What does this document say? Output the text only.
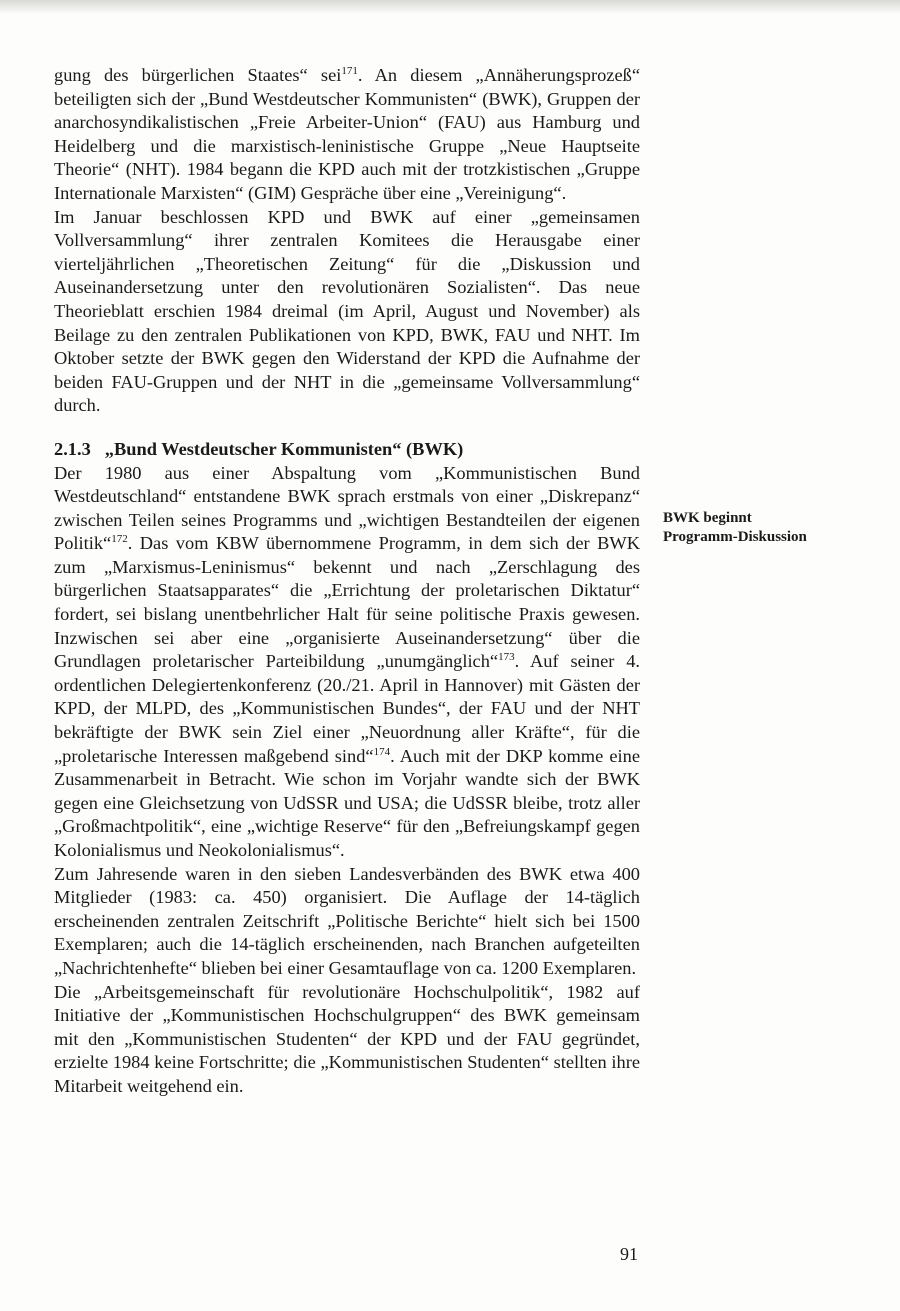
gung des bürgerlichen Staates“ sei$^{171}$. An diesem „Annäherungsprozeß“ beteiligten sich der „Bund Westdeutscher Kommunisten“ (BWK), Gruppen der anarchosyndikalistischen „Freie Arbeiter-Union“ (FAU) aus Hamburg und Heidelberg und die marxistisch-leninistische Gruppe „Neue Hauptseite Theorie“ (NHT). 1984 begann die KPD auch mit der trotzkistischen „Gruppe Internationale Marxisten“ (GIM) Gespräche über eine „Vereinigung“.

Im Januar beschlossen KPD und BWK auf einer „gemeinsamen Vollversammlung“ ihrer zentralen Komitees die Herausgabe einer vierteljährlichen „Theoretischen Zeitung“ für die „Diskussion und Auseinandersetzung unter den revolutionären Sozialisten“. Das neue Theorieblatt erschien 1984 dreimal (im April, August und November) als Beilage zu den zentralen Publikationen von KPD, BWK, FAU und NHT. Im Oktober setzte der BWK gegen den Widerstand der KPD die Aufnahme der beiden FAU-Gruppen und der NHT in die „gemeinsame Vollversammlung“ durch.

2.1.3 „Bund Westdeutscher Kommunisten“ (BWK)

Der 1980 aus einer Abspaltung vom „Kommunistischen Bund Westdeutschland“ entstandene BWK sprach erstmals von einer „Diskrepanz“ zwischen Teilen seines Programms und „wichtigen Bestandteilen der eigenen Politik“$^{172}$. Das vom KBW übernommene Programm, in dem sich der BWK zum „Marxismus-Leninismus“ bekennt und nach „Zerschlagung des bürgerlichen Staatsapparates“ die „Errichtung der proletarischen Diktatur“ fordert, sei bislang unentbehrlicher Halt für seine politische Praxis gewesen. Inzwischen sei aber eine „organisierte Auseinandersetzung“ über die Grundlagen proletarischer Parteibildung „unumgänglich“$^{173}$. Auf seiner 4. ordentlichen Delegiertenkonferenz (20./21. April in Hannover) mit Gästen der KPD, der MLPD, des „Kommunistischen Bundes“, der FAU und der NHT bekräftigte der BWK sein Ziel einer „Neuordnung aller Kräfte“, für die „proletarische Interessen maßgebend sind“$^{174}$. Auch mit der DKP komme eine Zusammenarbeit in Betracht. Wie schon im Vorjahr wandte sich der BWK gegen eine Gleichsetzung von UdSSR und USA; die UdSSR bleibe, trotz aller „Großmachtpolitik“, eine „wichtige Reserve“ für den „Befreiungskampf gegen Kolonialismus und Neokolonialismus“.

Zum Jahresende waren in den sieben Landesverbänden des BWK etwa 400 Mitglieder (1983: ca. 450) organisiert. Die Auflage der 14-täglich erscheinenden zentralen Zeitschrift „Politische Berichte“ hielt sich bei 1500 Exemplaren; auch die 14-täglich erscheinenden, nach Branchen aufgeteilten „Nachrichtenhefte“ blieben bei einer Gesamtauflage von ca. 1200 Exemplaren.

Die „Arbeitsgemeinschaft für revolutionäre Hochschulpolitik“, 1982 auf Initiative der „Kommunistischen Hochschulgruppen“ des BWK gemeinsam mit den „Kommunistischen Studenten“ der KPD und der FAU gegründet, erzielte 1984 keine Fortschritte; die „Kommunistischen Studenten“ stellten ihre Mitarbeit weitgehend ein.

BWK beginnt Programm-Diskussion
91
